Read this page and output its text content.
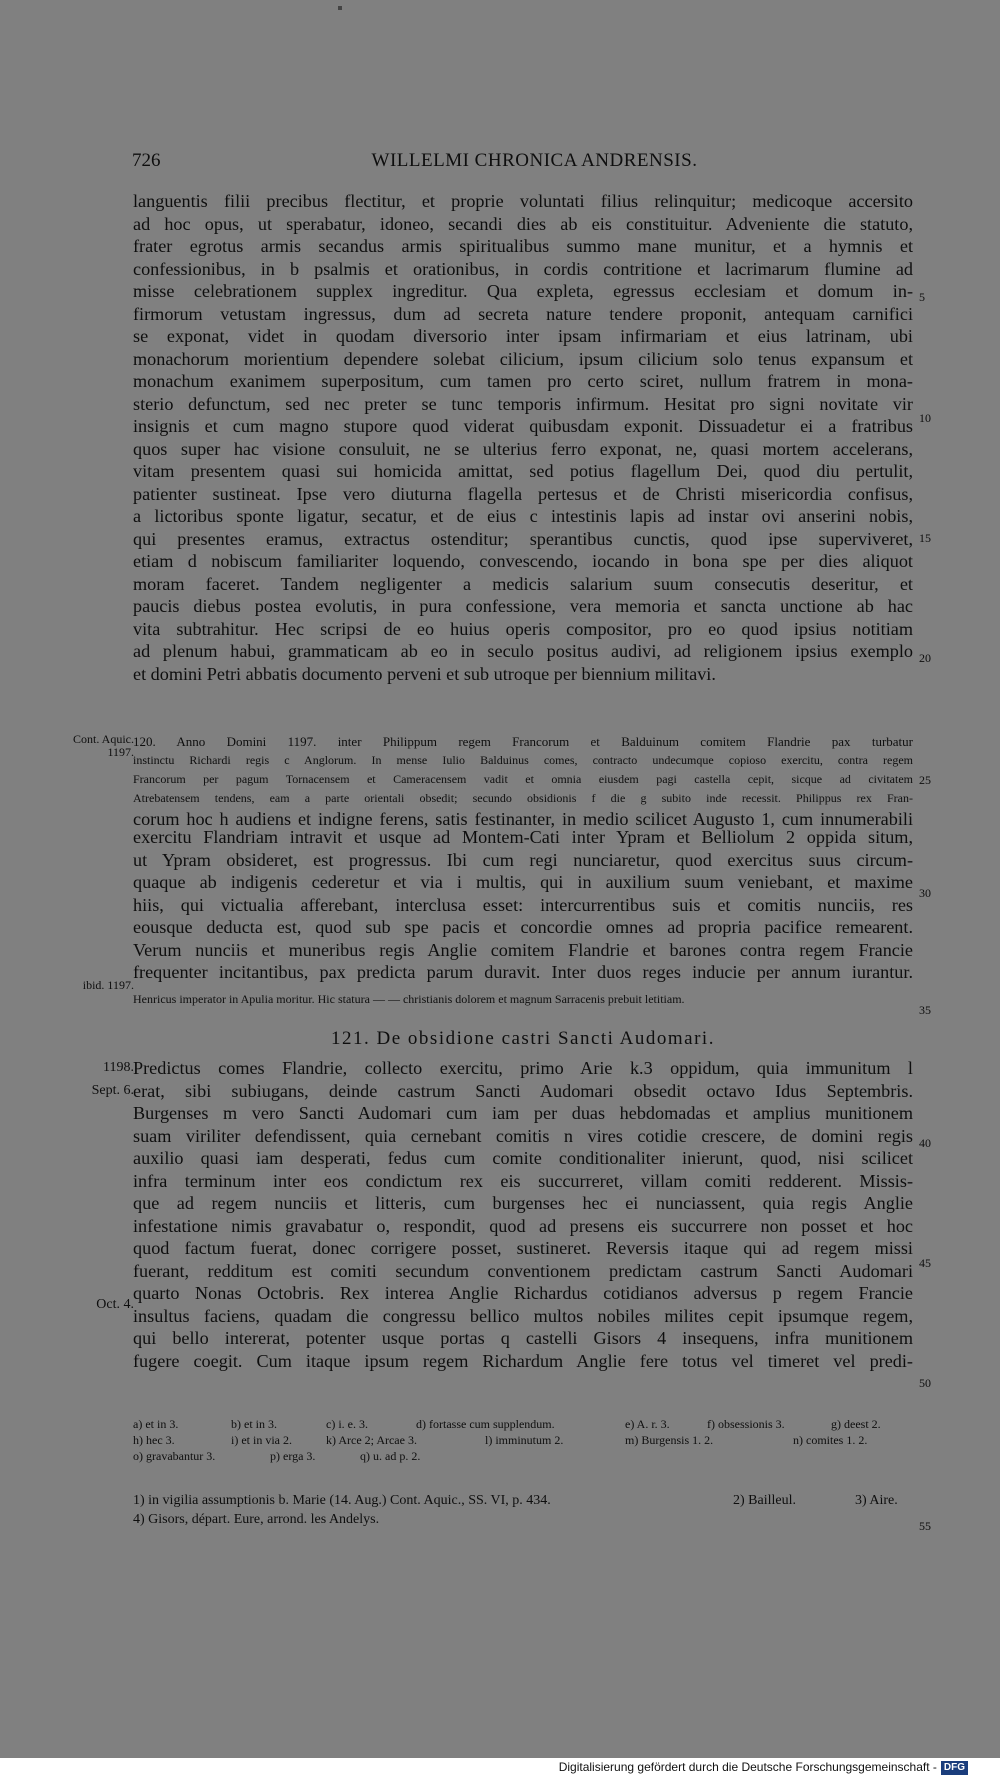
726	WILLELMI CHRONICA ANDRENSIS.
languentis filii precibus flectitur, et proprie voluntati filius relinquitur; medicoque accersito
ad hoc opus, ut sperabatur, idoneo, secandi dies ab eis constituitur. Adveniente die statuto,
frater egrotus armis secandus armis spiritualibus summo mane munitur, et a hymnis et
confessionibus, in b psalmis et orationibus, in cordis contritione et lacrimarum flumine ad
misse celebrationem supplex ingreditur. Qua expleta, egressus ecclesiam et domum in-
firmorum vetustam ingressus, dum ad secreta nature tendere proponit, antequam carnifici
se exponat, videt in quodam diversorio inter ipsam infirmariam et eius latrinam, ubi
monachorum morientium dependere solebat cilicium, ipsum cilicium solo tenus expansum et
monachum exanimem superpositum, cum tamen pro certo sciret, nullum fratrem in mona-
sterio defunctum, sed nec preter se tunc temporis infirmum. Hesitat pro signi novitate vir
insignis et cum magno stupore quod viderat quibusdam exponit. Dissuadetur ei a fratribus
quos super hac visione consuluit, ne se ulterius ferro exponat, ne, quasi mortem accelerans,
vitam presentem quasi sui homicida amittat, sed potius flagellum Dei, quod diu pertulit,
patienter sustineat. Ipse vero diuturna flagella pertesus et de Christi misericordia confisus,
a lictoribus sponte ligatur, secatur, et de eius c intestinis lapis ad instar ovi anserini nobis,
qui presentes eramus, extractus ostenditur; sperantibus cunctis, quod ipse superviveret,
etiam d nobiscum familiariter loquendo, convescendo, iocando in bona spe per dies aliquot
moram faceret. Tandem negligenter a medicis salarium suum consecutis deseritur, et
paucis diebus postea evolutis, in pura confessione, vera memoria et sancta unctione ab hac
vita subtrahitur. Hec scripsi de eo huius operis compositor, pro eo quod ipsius notitiam
ad plenum habui, grammaticam ab eo in seculo positus audivi, ad religionem ipsius exemplo
et domini Petri abbatis documento perveni et sub utroque per biennium militavi.
120. Anno Domini 1197. inter Philippum regem Francorum et Balduinum comitem Flandrie pax turbatur
instinctu Richardi regis c Anglorum. In mense Iulio Balduinus comes, contracto undecumque copioso exercitu, contra regem
Francorum per pagum Tornacensem et Cameracensem vadit et omnia eiusdem pagi castella cepit, sicque ad civitatem
Atrebatensem tendens, eam a parte orientali obsedit; secundo obsidionis f die g subito inde recessit. Philippus rex Fran-
corum hoc h audiens et indigne ferens, satis festinanter, in medio scilicet Augusto 1, cum innumerabili
exercitu Flandriam intravit et usque ad Montem-Cati inter Ypram et Belliolum 2 oppida situm,
ut Ypram obsideret, est progressus. Ibi cum regi nunciaretur, quod exercitus suus circum-
quaque ab indigenis cederetur et via i multis, qui in auxilium suum veniebant, et maxime
hiis, qui victualia afferebant, interclusa esset: intercurrentibus suis et comitis nunciis, res
eousque deducta est, quod sub spe pacis et concordie omnes ad propria pacifice remearent.
Verum nunciis et muneribus regis Anglie comitem Flandrie et barones contra regem Francie
frequenter incitantibus, pax predicta parum duravit. Inter duos reges inducie per annum iurantur.
Henricus imperator in Apulia moritur. Hic statura — — christianis dolorem et magnum Sarracenis prebuit letitiam.
121. De obsidione castri Sancti Audomari.
Predictus comes Flandrie, collecto exercitu, primo Arie k.3 oppidum, quia immunitum l
erat, sibi subiugans, deinde castrum Sancti Audomari obsedit octavo Idus Septembris.
Burgenses m vero Sancti Audomari cum iam per duas hebdomadas et amplius munitionem
suam viriliter defendissent, quia cernebant comitis n vires cotidie crescere, de domini regis
auxilio quasi iam desperati, fedus cum comite conditionaliter inierunt, quod, nisi scilicet
infra terminum inter eos condictum rex eis succurreret, villam comiti redderent. Missis-
que ad regem nunciis et litteris, cum burgenses hec ei nunciassent, quia regis Anglie
infestatione nimis gravabatur o, respondit, quod ad presens eis succurrere non posset et hoc
quod factum fuerat, donec corrigere posset, sustineret. Reversis itaque qui ad regem missi
fuerant, redditum est comiti secundum conventionem predictam castrum Sancti Audomari
quarto Nonas Octobris. Rex interea Anglie Richardus cotidianos adversus p regem Francie
insultus faciens, quadam die congressu bellico multos nobiles milites cepit ipsumque regem,
qui bello intererat, potenter usque portas q castelli Gisors 4 insequens, infra munitionem
fugere coegit. Cum itaque ipsum regem Richardum Anglie fere totus vel timeret vel predi-
Cont. Aquic.
1197.
ibid. 1197.
1198.
Sept. 6.
Oct. 4.
5
10
15
20
25
30
35
40
45
50
55
a) et in 3.	b) et in 3.	c) i. e. 3.	d) fortasse cum supplendum.	e) A. r. 3.	f) obsessionis 3.	g) deest 2.
h) hec 3.	i) et in via 2.	k) Arce 2; Arcae 3.	l) imminutum 2.	m) Burgensis 1. 2.	n) comites 1. 2.
o) gravabantur 3.	p) erga 3.	q) u. ad p. 2.
1) in vigilia assumptionis b. Marie (14. Aug.) Cont. Aquic., SS. VI, p. 434.	2) Bailleul.	3) Aire.
4) Gisors, départ. Eure, arrond. les Andelys.
Digitalisierung gefördert durch die Deutsche Forschungsgemeinschaft - DFG
